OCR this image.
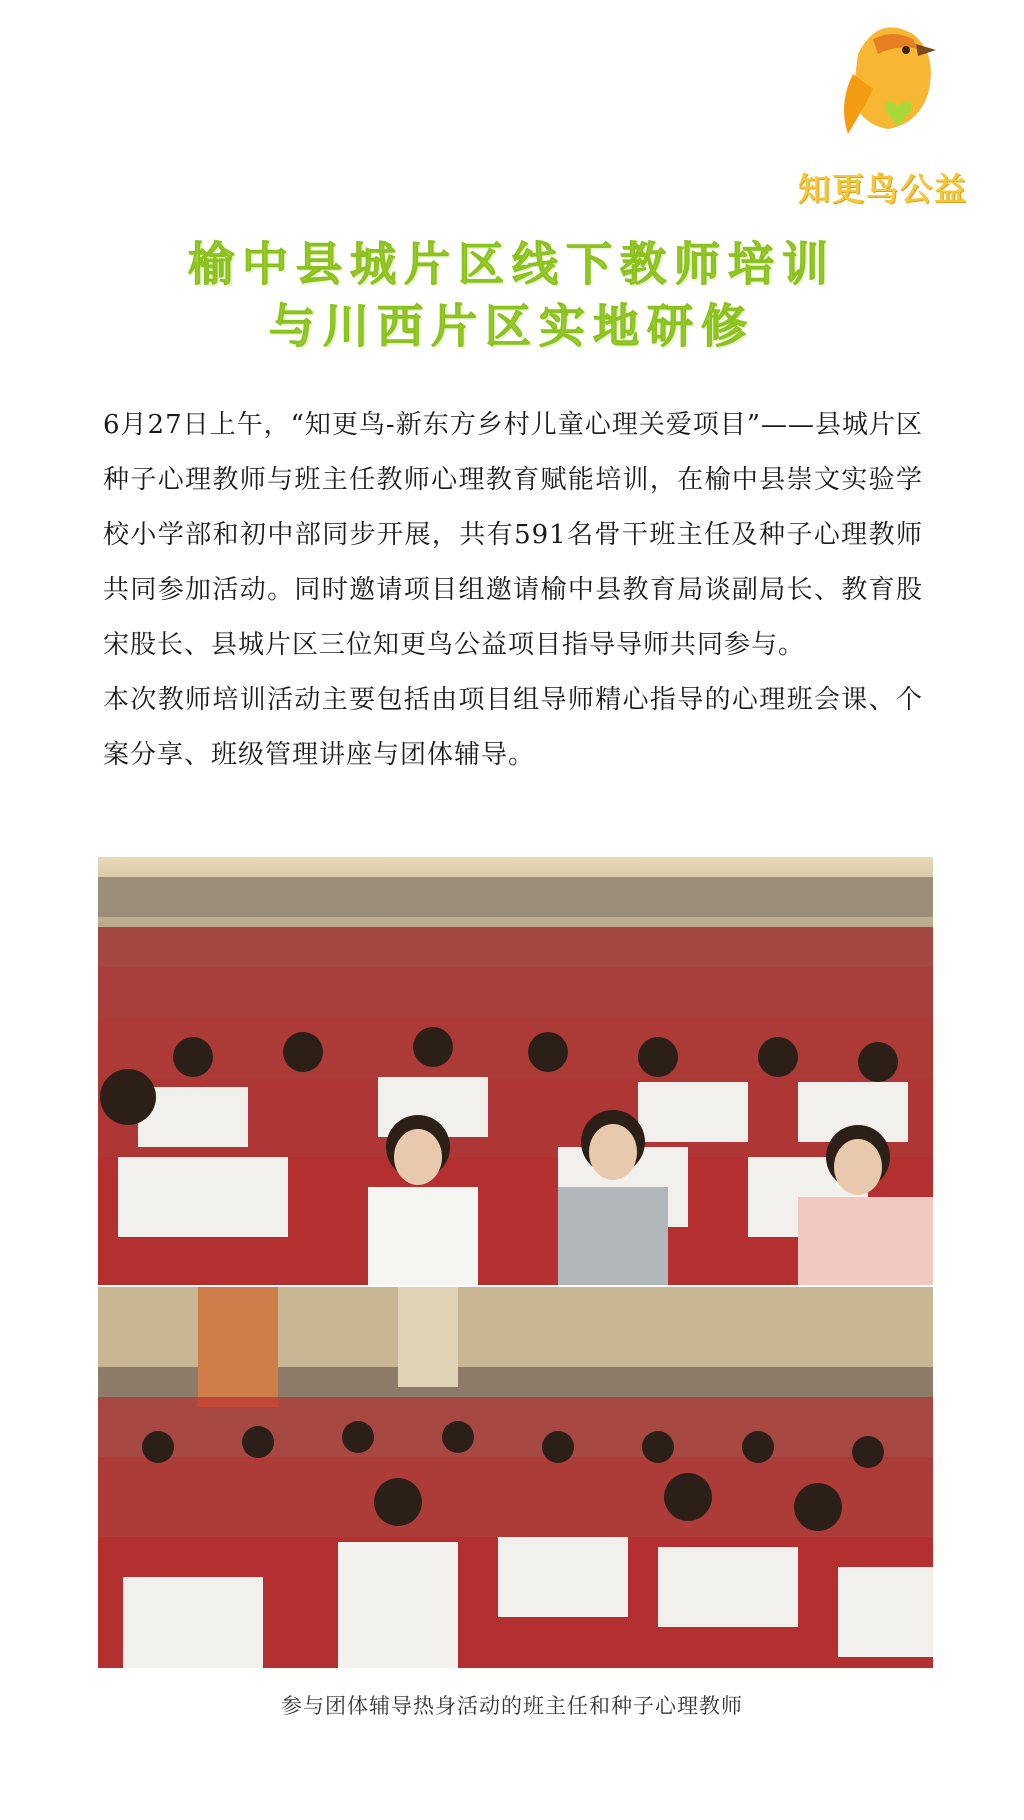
知更鸟公益
榆中县城片区线下教师培训
与川西片区实地研修

6月27日上午，“知更鸟-新东方乡村儿童心理关爱项目”——县城片区种子心理教师与班主任教师心理教育赋能培训，在榆中县崇文实验学校小学部和初中部同步开展，共有591名骨干班主任及种子心理教师共同参加活动。同时邀请项目组邀请榆中县教育局谈副局长、教育股宋股长、县城片区三位知更鸟公益项目指导导师共同参与。

本次教师培训活动主要包括由项目组导师精心指导的心理班会课、个案分享、班级管理讲座与团体辅导。

参与团体辅导热身活动的班主任和种子心理教师
